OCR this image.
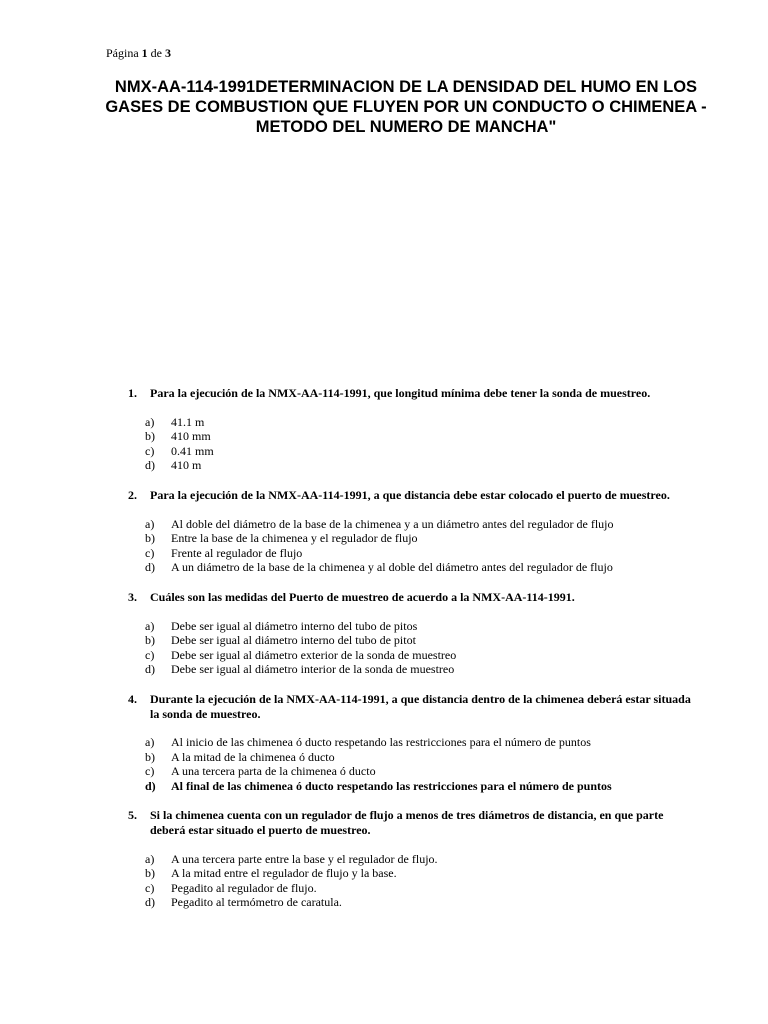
Página 1 de 3
NMX-AA-114-1991DETERMINACION DE LA DENSIDAD DEL HUMO EN LOS GASES DE COMBUSTION QUE FLUYEN POR UN CONDUCTO O CHIMENEA - METODO DEL NUMERO DE MANCHA"
1.	Para la ejecución de la NMX-AA-114-1991, que longitud mínima debe tener la sonda de muestreo.
a)	41.1 m
b)	410 mm
c)	0.41 mm
d)	410 m
2.	Para la ejecución de la NMX-AA-114-1991, a que distancia debe estar colocado el puerto de muestreo.
a)	Al doble del diámetro de la base de la chimenea y a un diámetro antes del regulador de flujo
b)	Entre la base de la chimenea y el regulador de flujo
c)	Frente al regulador de flujo
d)	A un diámetro de la base de la chimenea y al doble del diámetro antes del regulador de flujo
3.	Cuáles son las medidas del Puerto de muestreo de acuerdo a la NMX-AA-114-1991.
a)	Debe ser igual al diámetro interno del tubo de pitos
b)	Debe ser igual al diámetro interno del tubo de pitot
c)	Debe ser igual al diámetro exterior de la sonda de muestreo
d)	Debe ser igual al diámetro interior de la sonda de muestreo
4.	Durante la ejecución de la NMX-AA-114-1991, a que distancia dentro de la chimenea deberá estar situada la sonda de muestreo.
a)	Al inicio de las chimenea ó ducto respetando las restricciones para el número de puntos
b)	A la mitad de la chimenea ó ducto
c)	A una tercera parta de la chimenea ó ducto
d)	Al final de las chimenea ó ducto respetando las restricciones para el número de puntos
5.	Si la chimenea cuenta con un regulador de flujo a menos de tres diámetros de distancia, en que parte deberá estar situado el puerto de muestreo.
a)	A una tercera parte entre la base y el regulador de flujo.
b)	A la mitad entre el regulador de flujo y la base.
c)	Pegadito al regulador de flujo.
d)	Pegadito al termómetro de caratula.
